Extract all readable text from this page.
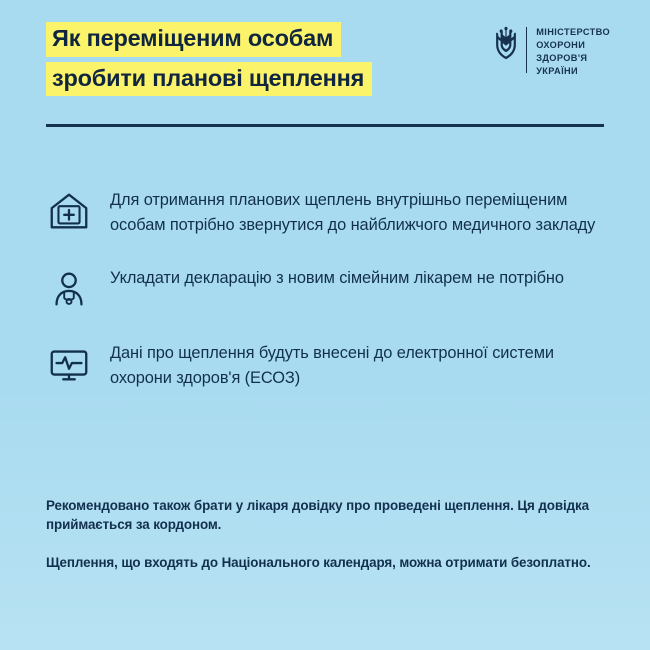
Як переміщеним особам
зробити планові щеплення
МІНІСТЕРСТВО
ОХОРОНИ
ЗДОРОВ'Я
УКРАЇНИ
Для отримання планових щеплень внутрішньо переміщеним особам потрібно звернутися до найближчого медичного закладу
Укладати декларацію з новим сімейним лікарем не потрібно
Дані про щеплення будуть внесені до електронної системи охорони здоров'я (ЕСОЗ)
Рекомендовано також брати у лікаря довідку про проведені щеплення. Ця довідка приймається за кордоном.
Щеплення, що входять до Національного календаря, можна отримати безоплатно.
